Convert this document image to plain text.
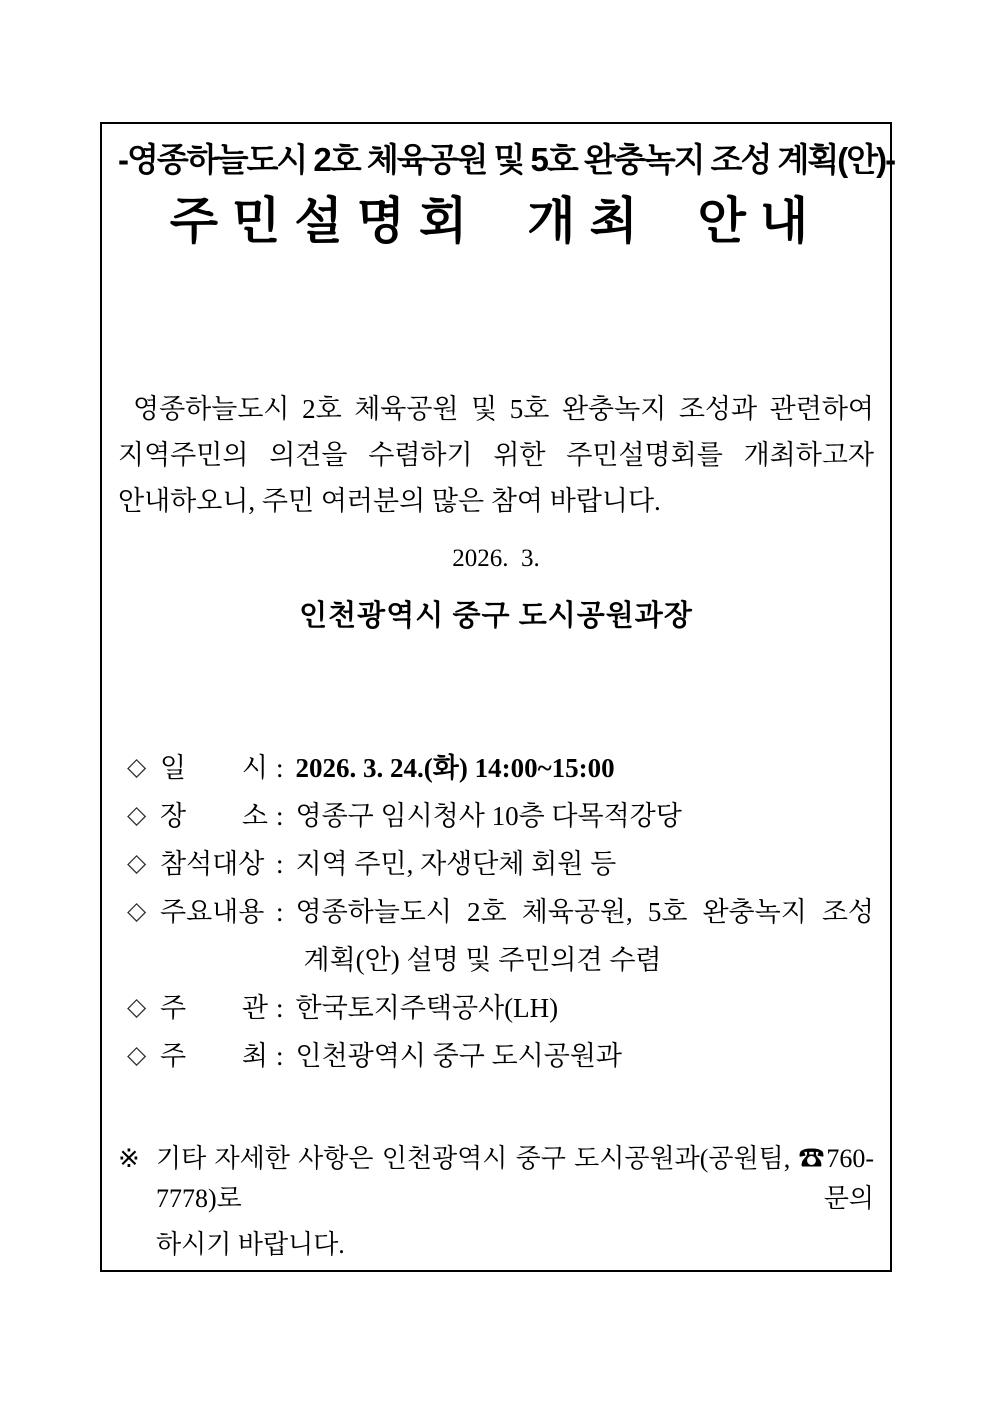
-영종하늘도시 2호 체육공원 및 5호 완충녹지 조성 계획(안)-
주민설명회 개최 안내
영종하늘도시 2호 체육공원 및 5호 완충녹지 조성과 관련하여
지역주민의 의견을 수렴하기 위한 주민설명회를 개최하고자
안내하오니, 주민 여러분의 많은 참여 바랍니다.
2026.  3.
인천광역시 중구 도시공원과장
◇ 일 시 : 2026. 3. 24.(화) 14:00~15:00
◇ 장 소 : 영종구 임시청사 10층 다목적강당
◇ 참석대상 : 지역 주민, 자생단체 회원 등
◇ 주요내용 : 영종하늘도시 2호 체육공원, 5호 완충녹지 조성
계획(안) 설명 및 주민의견 수렴
◇ 주 관 : 한국토지주택공사(LH)
◇ 주 최 : 인천광역시 중구 도시공원과
※ 기타 자세한 사항은 인천광역시 중구 도시공원과(공원팀, ☎760-7778)로 문의
하시기 바랍니다.
